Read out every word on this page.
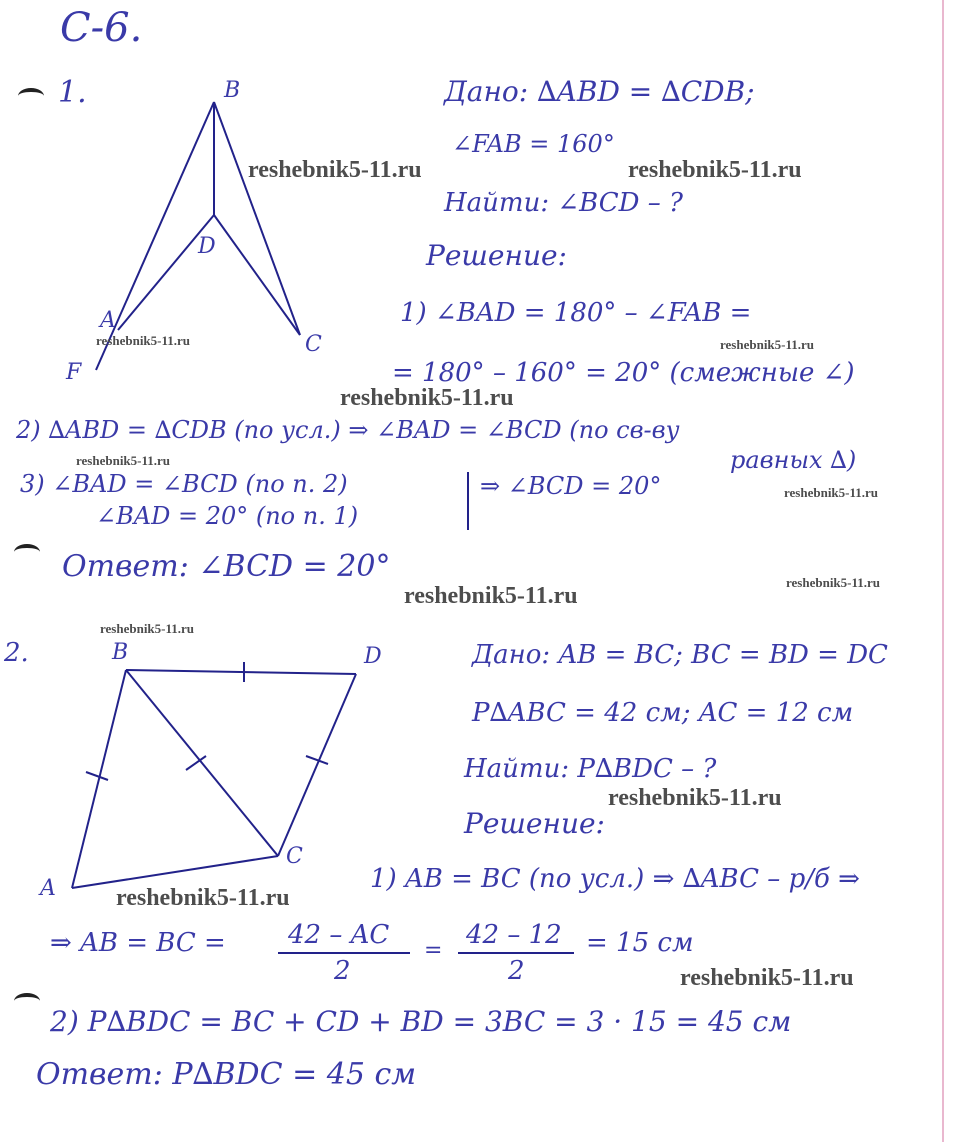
С-6.
1.	B
D
A
F
C
Дано: ∆ABD = ∆CDB;
∠FAB = 160°
Найти: ∠BCD – ?
Решение:
1) ∠BAD = 180° – ∠FAB =
= 180° – 160° = 20° (смежные ∠)
2) ∆ABD = ∆CDB (по усл.) ⇒ ∠BAD = ∠BCD (по св-ву
равных ∆)
3) ∠BAD = ∠BCD (по п. 2)
∠BAD = 20° (по п. 1)
⇒ ∠BCD = 20°
Ответ: ∠BCD = 20°
2.	B	D
C
A
Дано: AB = BC; BC = BD = DC
P∆ABC = 42 см; AC = 12 см
Найти: P∆BDC – ?
Решение:
1) AB = BC (по усл.) ⇒ ∆ABC – р/б ⇒
⇒ AB = BC = 42 – AC
2
=
42 – 12
2
= 15 см
2) P∆BDC = BC + CD + BD = 3BC = 3 · 15 = 45 см
Ответ: P∆BDC = 45 см
reshebnik5-11.ru	reshebnik5-11.ru
reshebnik5-11.ru	reshebnik5-11.ru
reshebnik5-11.ru
reshebnik5-11.ru
reshebnik5-11.ru
reshebnik5-11.ru
reshebnik5-11.ru
reshebnik5-11.ru
reshebnik5-11.ru
reshebnik5-11.ru
reshebnik5-11.ru
